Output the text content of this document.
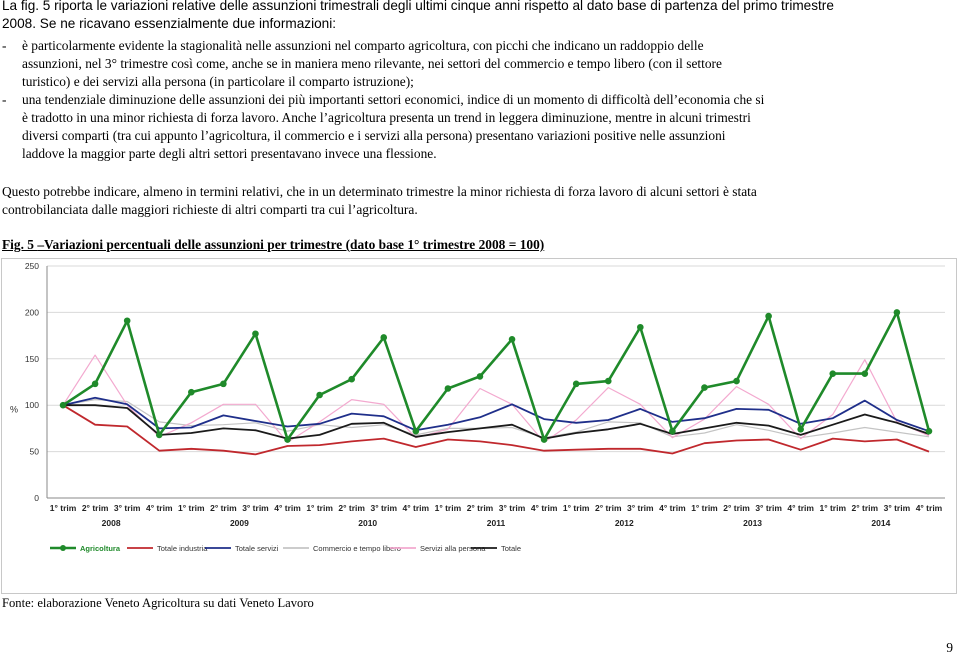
La fig. 5 riporta le variazioni relative delle assunzioni trimestrali degli ultimi cinque anni rispetto al dato base di partenza del primo trimestre
2008. Se ne ricavano essenzialmente due informazioni:
- è particolarmente evidente la stagionalità nelle assunzioni nel comparto agricoltura, con picchi che indicano un raddoppio delle
assunzioni, nel 3° trimestre così come, anche se in maniera meno rilevante, nei settori del commercio e tempo libero (con il settore
turistico) e dei servizi alla persona (in particolare il comparto istruzione);
- una tendenziale diminuzione delle assunzioni dei più importanti settori economici, indice di un momento di difficoltà dell’economia che si
è tradotto in una minor richiesta di forza lavoro. Anche l’agricoltura presenta un trend in leggera diminuzione, mentre in alcuni trimestri
diversi comparti (tra cui appunto l’agricoltura, il commercio e i servizi alla persona) presentano variazioni positive nelle assunzioni
laddove la maggior parte degli altri settori presentavano invece una flessione.
Questo potrebbe indicare, almeno in termini relativi, che in un determinato trimestre la minor richiesta di forza lavoro di alcuni settori è stata
controbilanciata dalle maggiori richieste di altri comparti tra cui l’agricoltura.
Fig. 5 –Variazioni percentuali delle assunzioni per trimestre (dato base 1° trimestre 2008 = 100)
0
50
100
150
200
250
%
1° trim 2° trim 3° trim 4° trim 1° trim 2° trim 3° trim 4° trim 1° trim 2° trim 3° trim 4° trim 1° trim 2° trim 3° trim 4° trim 1° trim 2° trim 3° trim 4° trim 1° trim 2° trim 3° trim 4° trim 1° trim 2° trim 3° trim 4° trim
2008	2009	2010	2011	2012	2013	2014
Agricoltura	Totale industria	Totale servizi	Commercio e tempo libero	Servizi alla persona Totale
Fonte: elaborazione Veneto Agricoltura su dati Veneto Lavoro
9
